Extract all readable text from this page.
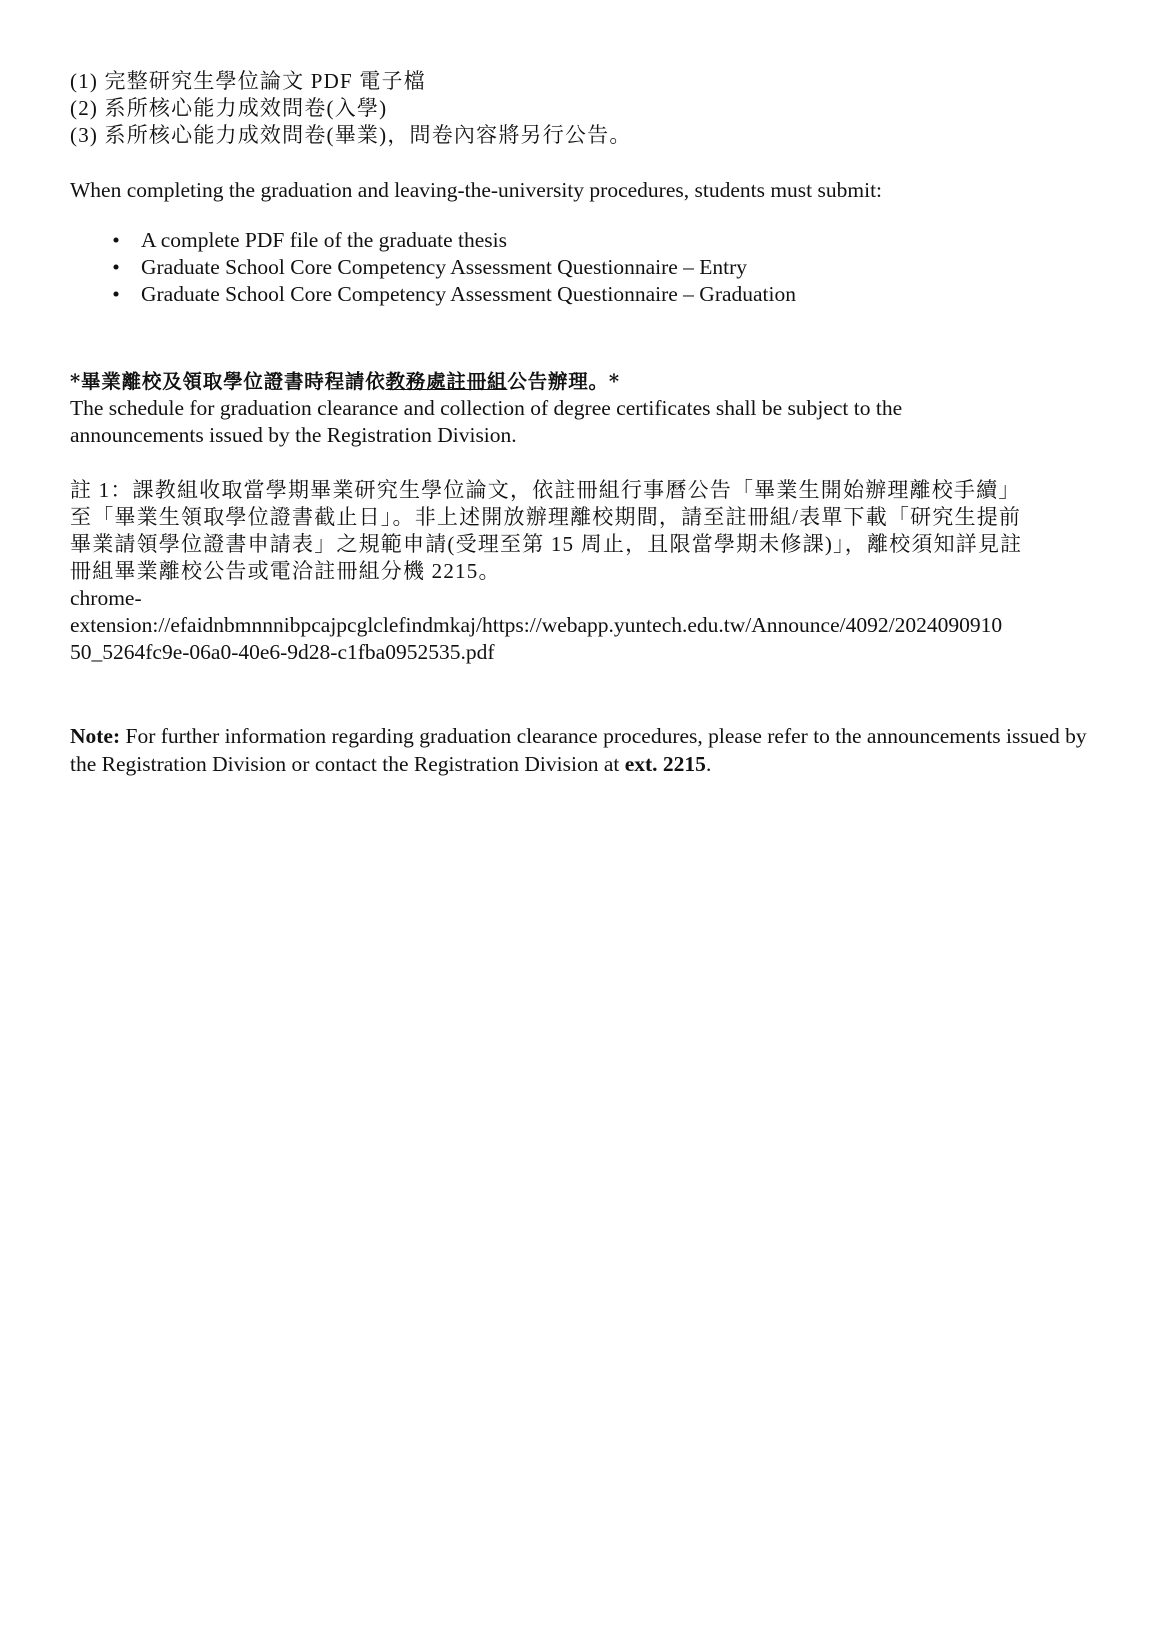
(1) 完整研究生學位論文 PDF 電子檔
(2) 系所核心能力成效問卷(入學)
(3) 系所核心能力成效問卷(畢業)，問卷內容將另行公告。
When completing the graduation and leaving-the-university procedures, students must submit:
• A complete PDF file of the graduate thesis
• Graduate School Core Competency Assessment Questionnaire – Entry
• Graduate School Core Competency Assessment Questionnaire – Graduation
*畢業離校及領取學位證書時程請依教務處註冊組公告辦理。*
The schedule for graduation clearance and collection of degree certificates shall be subject to the
announcements issued by the Registration Division.
註 1：課教組收取當學期畢業研究生學位論文，依註冊組行事曆公告「畢業生開始辦理離校手續」
至「畢業生領取學位證書截止日」。非上述開放辦理離校期間，請至註冊組/表單下載「研究生提前
畢業請領學位證書申請表」之規範申請(受理至第 15 周止，且限當學期未修課)」，離校須知詳見註
冊組畢業離校公告或電洽註冊組分機 2215。
chrome-
extension://efaidnbmnnnibpcajpcglclefindmkaj/https://webapp.yuntech.edu.tw/Announce/4092/2024090910
50_5264fc9e-06a0-40e6-9d28-c1fba0952535.pdf
Note: For further information regarding graduation clearance procedures, please refer to the announcements issued by the Registration Division or contact the Registration Division at ext. 2215.
